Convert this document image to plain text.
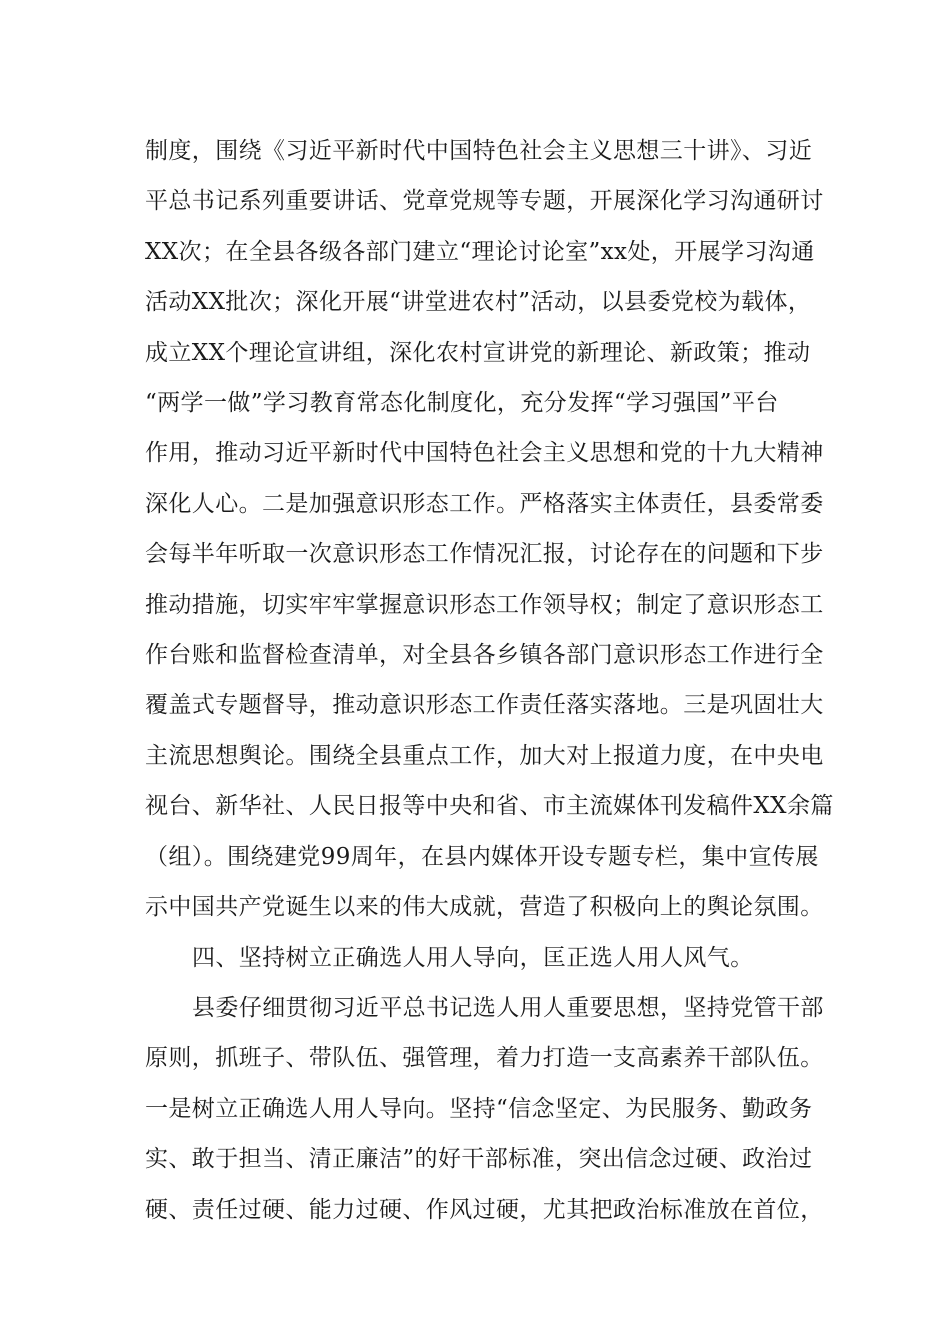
制度，围绕《习近平新时代中国特色社会主义思想三十讲》、习近
平总书记系列重要讲话、党章党规等专题，开展深化学习沟通研讨
XX次；在全县各级各部门建立“理论讨论室”xx处，开展学习沟通
活动XX批次；深化开展“讲堂进农村”活动，以县委党校为载体，
成立XX个理论宣讲组，深化农村宣讲党的新理论、新政策；推动
“两学一做”学习教育常态化制度化，充分发挥“学习强国”平台
作用，推动习近平新时代中国特色社会主义思想和党的十九大精神
深化人心。二是加强意识形态工作。严格落实主体责任，县委常委
会每半年听取一次意识形态工作情况汇报，讨论存在的问题和下步
推动措施，切实牢牢掌握意识形态工作领导权；制定了意识形态工
作台账和监督检查清单，对全县各乡镇各部门意识形态工作进行全
覆盖式专题督导，推动意识形态工作责任落实落地。三是巩固壮大
主流思想舆论。围绕全县重点工作，加大对上报道力度，在中央电
视台、新华社、人民日报等中央和省、市主流媒体刊发稿件XX余篇
（组）。围绕建党99周年，在县内媒体开设专题专栏，集中宣传展
示中国共产党诞生以来的伟大成就，营造了积极向上的舆论氛围。
四、坚持树立正确选人用人导向，匡正选人用人风气。
县委仔细贯彻习近平总书记选人用人重要思想，坚持党管干部
原则，抓班子、带队伍、强管理，着力打造一支高素养干部队伍。
一是树立正确选人用人导向。坚持“信念坚定、为民服务、勤政务
实、敢于担当、清正廉洁”的好干部标准，突出信念过硬、政治过
硬、责任过硬、能力过硬、作风过硬，尤其把政治标准放在首位，
